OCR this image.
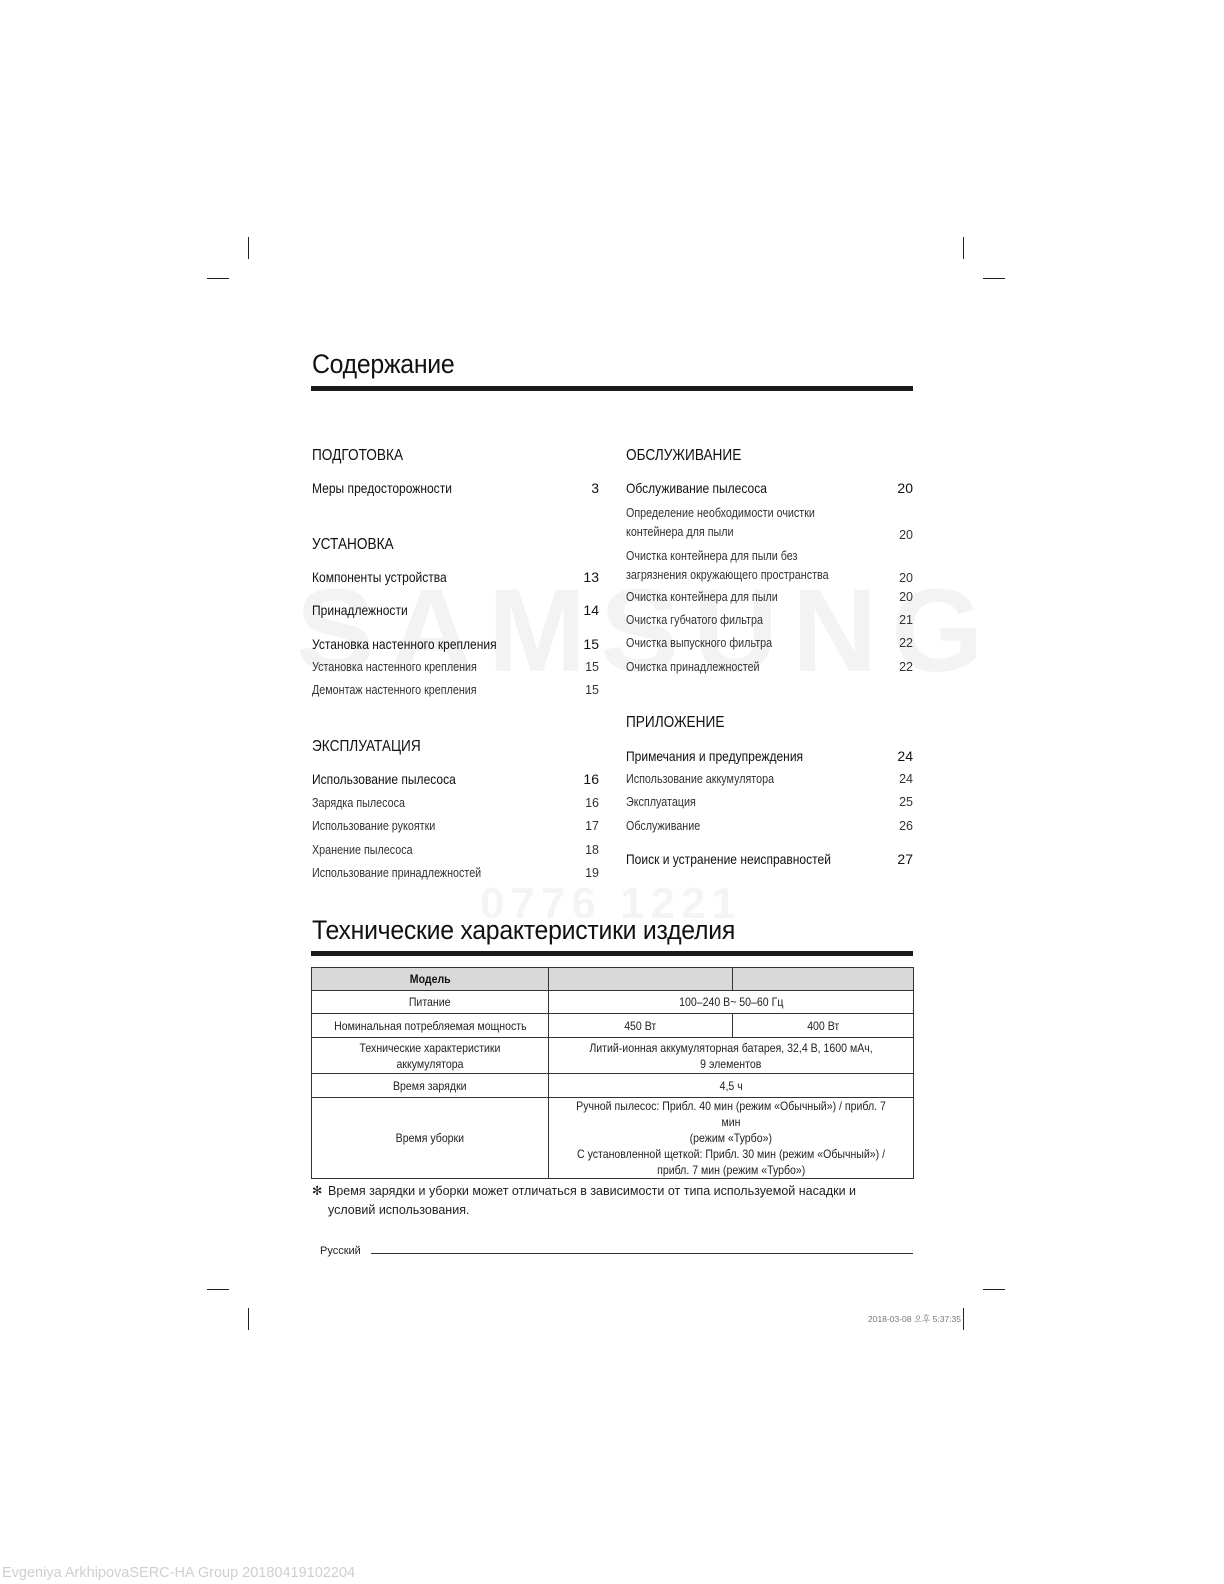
Содержание
ПОДГОТОВКА
Меры предосторожности	3
УСТАНОВКА
Компоненты устройства	13
Принадлежности	14
Установка настенного крепления	15
Установка настенного крепления	15
Демонтаж настенного крепления	15
ЭКСПЛУАТАЦИЯ
Использование пылесоса	16
Зарядка пылесоса	16
Использование рукоятки	17
Хранение пылесоса	18
Использование принадлежностей	19
ОБСЛУЖИВАНИЕ
Обслуживание пылесоса	20
Определение необходимости очистки контейнера для пыли	20
Очистка контейнера для пыли без загрязнения окружающего пространства	20
Очистка контейнера для пыли	20
Очистка губчатого фильтра	21
Очистка выпускного фильтра	22
Очистка принадлежностей	22
ПРИЛОЖЕНИЕ
Примечания и предупреждения	24
Использование аккумулятора	24
Эксплуатация	25
Обслуживание	26
Поиск и устранение неисправностей	27
Технические характеристики изделия
Модель		
Питание	100–240 В~ 50–60 Гц	
Номинальная потребляемая мощность	450 Вт	400 Вт
Технические характеристики аккумулятора	Литий-ионная аккумуляторная батарея, 32,4 В, 1600 мАч,
9 элементов	
Время зарядки	4,5 ч	
Время уборки	Ручной пылесос: Прибл. 40 мин (режим «Обычный») / прибл. 7 мин
(режим «Турбо»)
С установленной щеткой: Прибл. 30 мин (режим «Обычный») /
прибл. 7 мин (режим «Турбо»)	
✻ Время зарядки и уборки может отличаться в зависимости от типа используемой насадки и условий использования.
Русский
2018-03-08 오후 5:37:35
Evgeniya ArkhipovaSERC-HA Group 20180419102204
